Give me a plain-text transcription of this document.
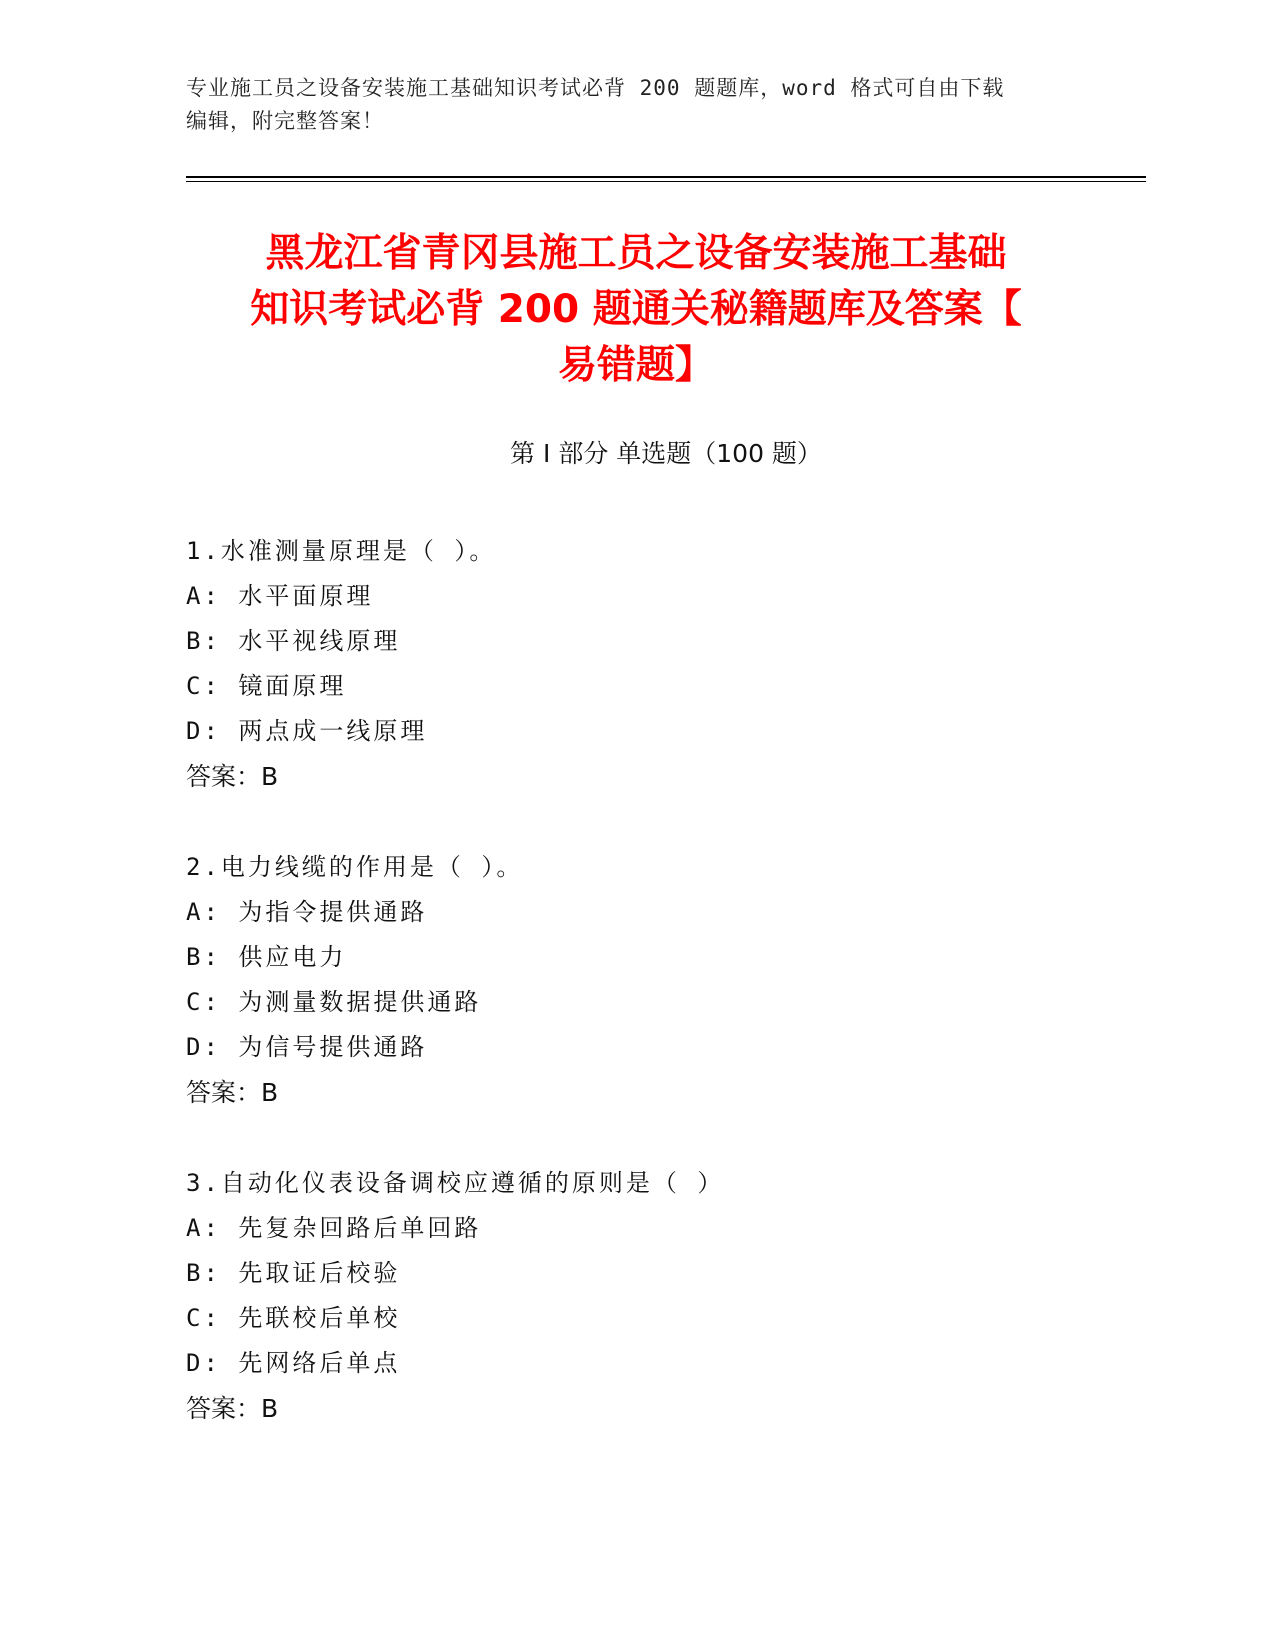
专业施工员之设备安装施工基础知识考试必背 200 题题库，word 格式可自由下载
编辑，附完整答案！
黑龙江省青冈县施工员之设备安装施工基础
知识考试必背 200 题通关秘籍题库及答案【
易错题】
第 I 部分 单选题（100 题）
1.水准测量原理是（ ）。
A: 水平面原理
B: 水平视线原理
C: 镜面原理
D: 两点成一线原理
答案：B
2.电力线缆的作用是（ ）。
A: 为指令提供通路
B: 供应电力
C: 为测量数据提供通路
D: 为信号提供通路
答案：B
3.自动化仪表设备调校应遵循的原则是（ ）
A: 先复杂回路后单回路
B: 先取证后校验
C: 先联校后单校
D: 先网络后单点
答案：B
